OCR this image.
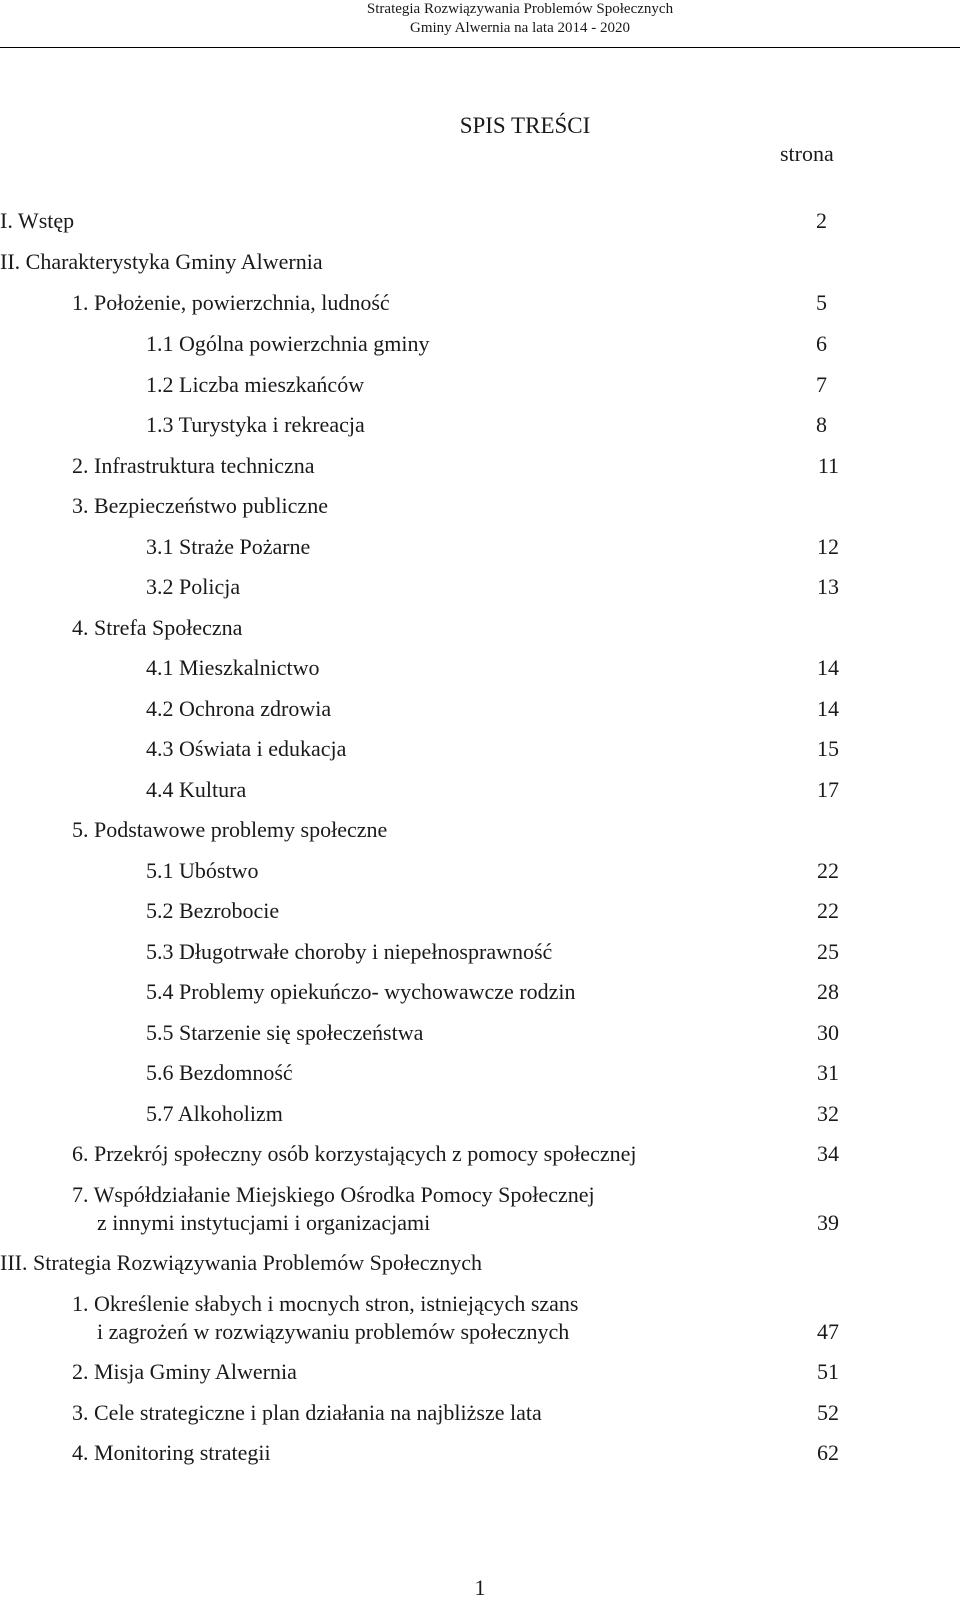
Strategia Rozwiązywania Problemów Społecznych
Gminy Alwernia na lata 2014 - 2020
SPIS TREŚCI
strona
I. Wstęp	2
II. Charakterystyka Gminy Alwernia
1. Położenie, powierzchnia, ludność	5
1.1 Ogólna powierzchnia gminy	6
1.2 Liczba mieszkańców	7
1.3 Turystyka i rekreacja	8
2. Infrastruktura techniczna	11
3. Bezpieczeństwo publiczne
3.1 Straże Pożarne	12
3.2 Policja	13
4. Strefa Społeczna
4.1 Mieszkalnictwo	14
4.2 Ochrona zdrowia	14
4.3 Oświata i edukacja	15
4.4 Kultura	17
5. Podstawowe problemy społeczne
5.1 Ubóstwo	22
5.2 Bezrobocie	22
5.3 Długotrwałe choroby i niepełnosprawność	25
5.4 Problemy opiekuńczo- wychowawcze rodzin	28
5.5 Starzenie się społeczeństwa	30
5.6 Bezdomność	31
5.7 Alkoholizm	32
6. Przekrój społeczny osób korzystających z pomocy społecznej	34
7. Współdziałanie Miejskiego Ośrodka Pomocy Społecznej
z innymi instytucjami i organizacjami	39
III. Strategia Rozwiązywania Problemów Społecznych
1. Określenie słabych i mocnych stron, istniejących szans
i zagrożeń w rozwiązywaniu problemów społecznych	47
2. Misja Gminy Alwernia	51
3. Cele strategiczne i plan działania na najbliższe lata	52
4. Monitoring strategii	62
1
